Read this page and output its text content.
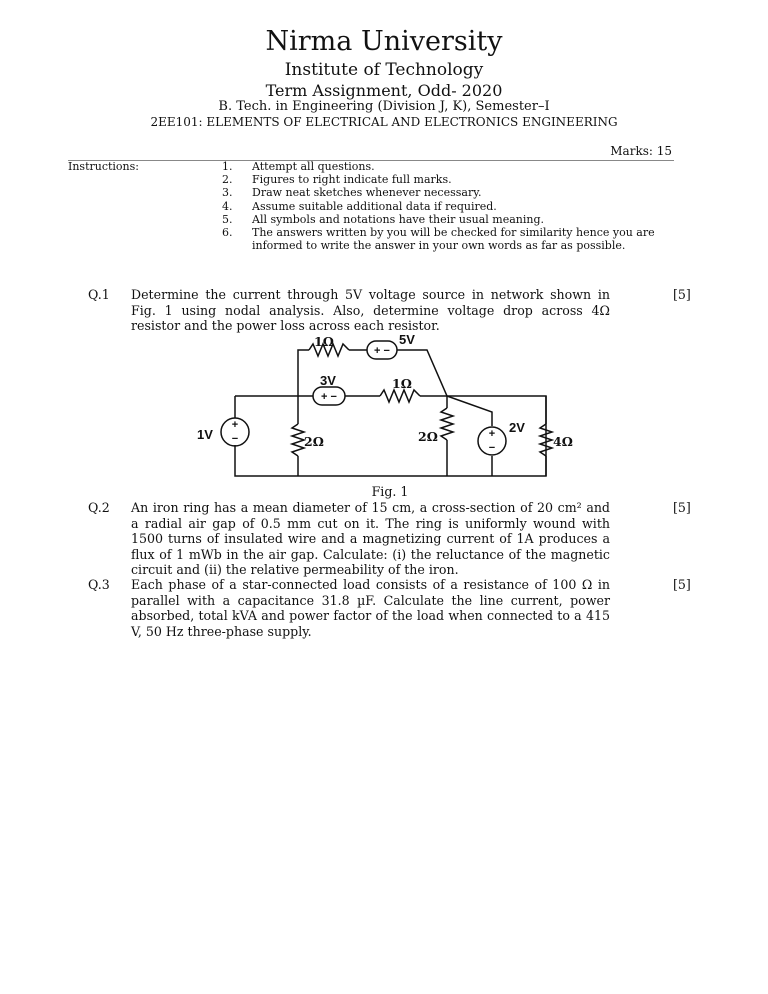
Nirma University
Institute of Technology
Term Assignment, Odd- 2020
B. Tech. in Engineering (Division J, K), Semester–I
2EE101: ELEMENTS OF ELECTRICAL AND ELECTRONICS ENGINEERING
Marks: 15
Instructions:	1.	Attempt all questions.
2.	Figures to right indicate full marks.
3.	Draw neat sketches whenever necessary.
4.	Assume suitable additional data if required.
5.	All symbols and notations have their usual meaning.
6.	The answers written by you will be checked for similarity hence you are informed to write the answer in your own words as far as possible.
Q.1 Determine the current through 5V voltage source in network shown in Fig. 1 using nodal analysis. Also, determine voltage drop across 4Ω resistor and the power loss across each resistor.
[5]
+ −
+ −
+
−	+
−
1Ω	5V
3V	1Ω
1V	2Ω	2Ω
2V
4Ω
Fig. 1
Q.2 An iron ring has a mean diameter of 15 cm, a cross-section of 20 cm² and a radial air gap of 0.5 mm cut on it. The ring is uniformly wound with 1500 turns of insulated wire and a magnetizing current of 1A produces a flux of 1 mWb in the air gap. Calculate: (i) the reluctance of the magnetic circuit and (ii) the relative permeability of the iron.
[5]
Q.3 Each phase of a star-connected load consists of a resistance of 100 Ω in parallel with a capacitance 31.8 µF. Calculate the line current, power absorbed, total kVA and power factor of the load when connected to a 415 V, 50 Hz three-phase supply.
[5]
